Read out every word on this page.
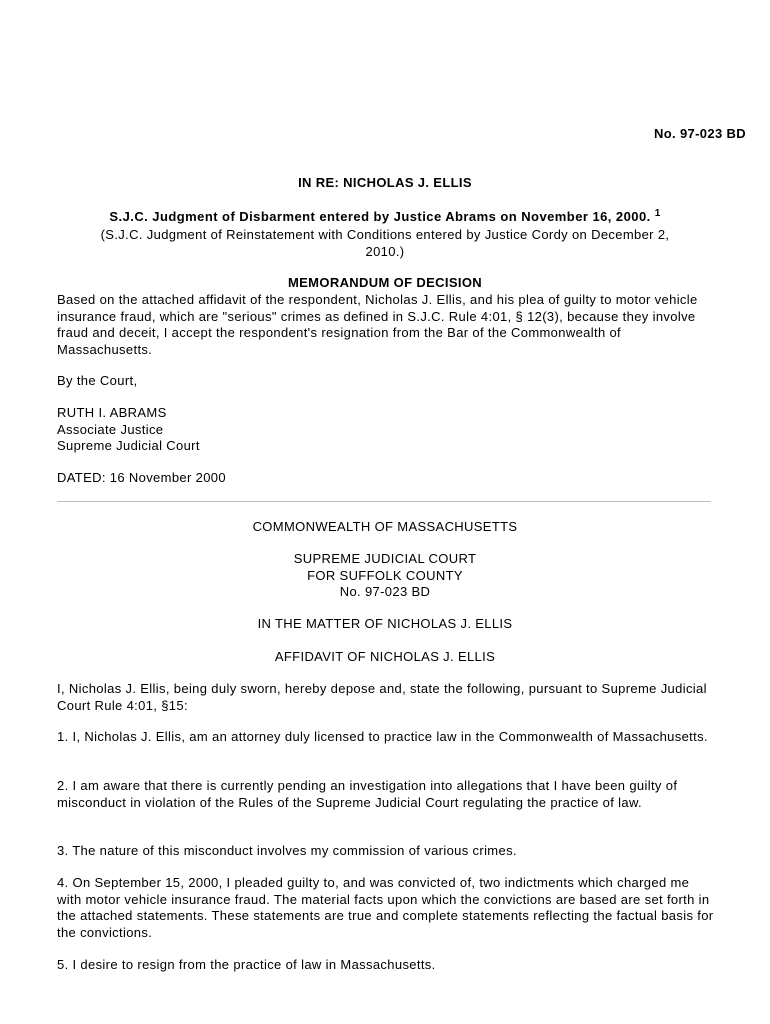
No. 97-023 BD
IN RE: NICHOLAS J. ELLIS
S.J.C. Judgment of Disbarment entered by Justice Abrams on November 16, 2000. $^1$
(S.J.C. Judgment of Reinstatement with Conditions entered by Justice Cordy on December 2,
2010.)
MEMORANDUM OF DECISION

Based on the attached affidavit of the respondent, Nicholas J. Ellis, and his plea of guilty to motor vehicle insurance fraud, which are "serious" crimes as defined in S.J.C. Rule 4:01, § 12(3), because they involve fraud and deceit, I accept the respondent's resignation from the Bar of the Commonwealth of Massachusetts.

By the Court,

RUTH I. ABRAMS
Associate Justice
Supreme Judicial Court

DATED: 16 November 2000

COMMONWEALTH OF MASSACHUSETTS
SUPREME JUDICIAL COURT
FOR SUFFOLK COUNTY
No. 97-023 BD
IN THE MATTER OF NICHOLAS J. ELLIS
AFFIDAVIT OF NICHOLAS J. ELLIS

I, Nicholas J. Ellis, being duly sworn, hereby depose and, state the following, pursuant to Supreme Judicial Court Rule 4:01, §15:

1. I, Nicholas J. Ellis, am an attorney duly licensed to practice law in the Commonwealth of Massachusetts.

2. I am aware that there is currently pending an investigation into allegations that I have been guilty of misconduct in violation of the Rules of the Supreme Judicial Court regulating the practice of law.

3. The nature of this misconduct involves my commission of various crimes.

4. On September 15, 2000, I pleaded guilty to, and was convicted of, two indictments which charged me with motor vehicle insurance fraud. The material facts upon which the convictions are based are set forth in the attached statements. These statements are true and complete statements reflecting the factual basis for the convictions.

5. I desire to resign from the practice of law in Massachusetts.
